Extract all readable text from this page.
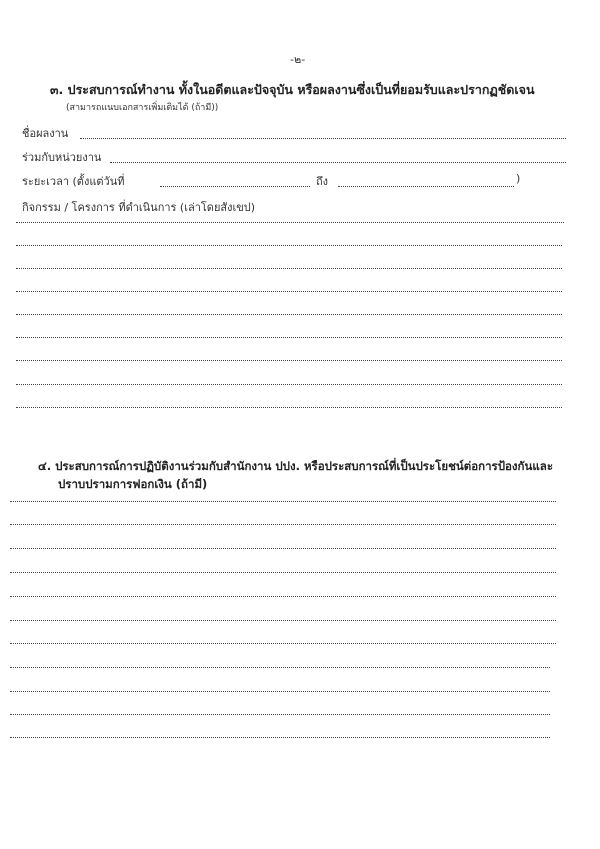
-๒-
๓. ประสบการณ์ทำงาน ทั้งในอดีตและปัจจุบัน หรือผลงานซึ่งเป็นที่ยอมรับและปรากฏชัดเจน
(สามารถแนบเอกสารเพิ่มเติมได้ (ถ้ามี))
ชื่อผลงาน
ร่วมกับหน่วยงาน
ระยะเวลา (ตั้งแต่วันที่	ถึง	)
กิจกรรม / โครงการ ที่ดำเนินการ (เล่าโดยสังเขป)
๔. ประสบการณ์การปฏิบัติงานร่วมกับสำนักงาน ปปง. หรือประสบการณ์ที่เป็นประโยชน์ต่อการป้องกันและ
ปราบปรามการฟอกเงิน (ถ้ามี)
